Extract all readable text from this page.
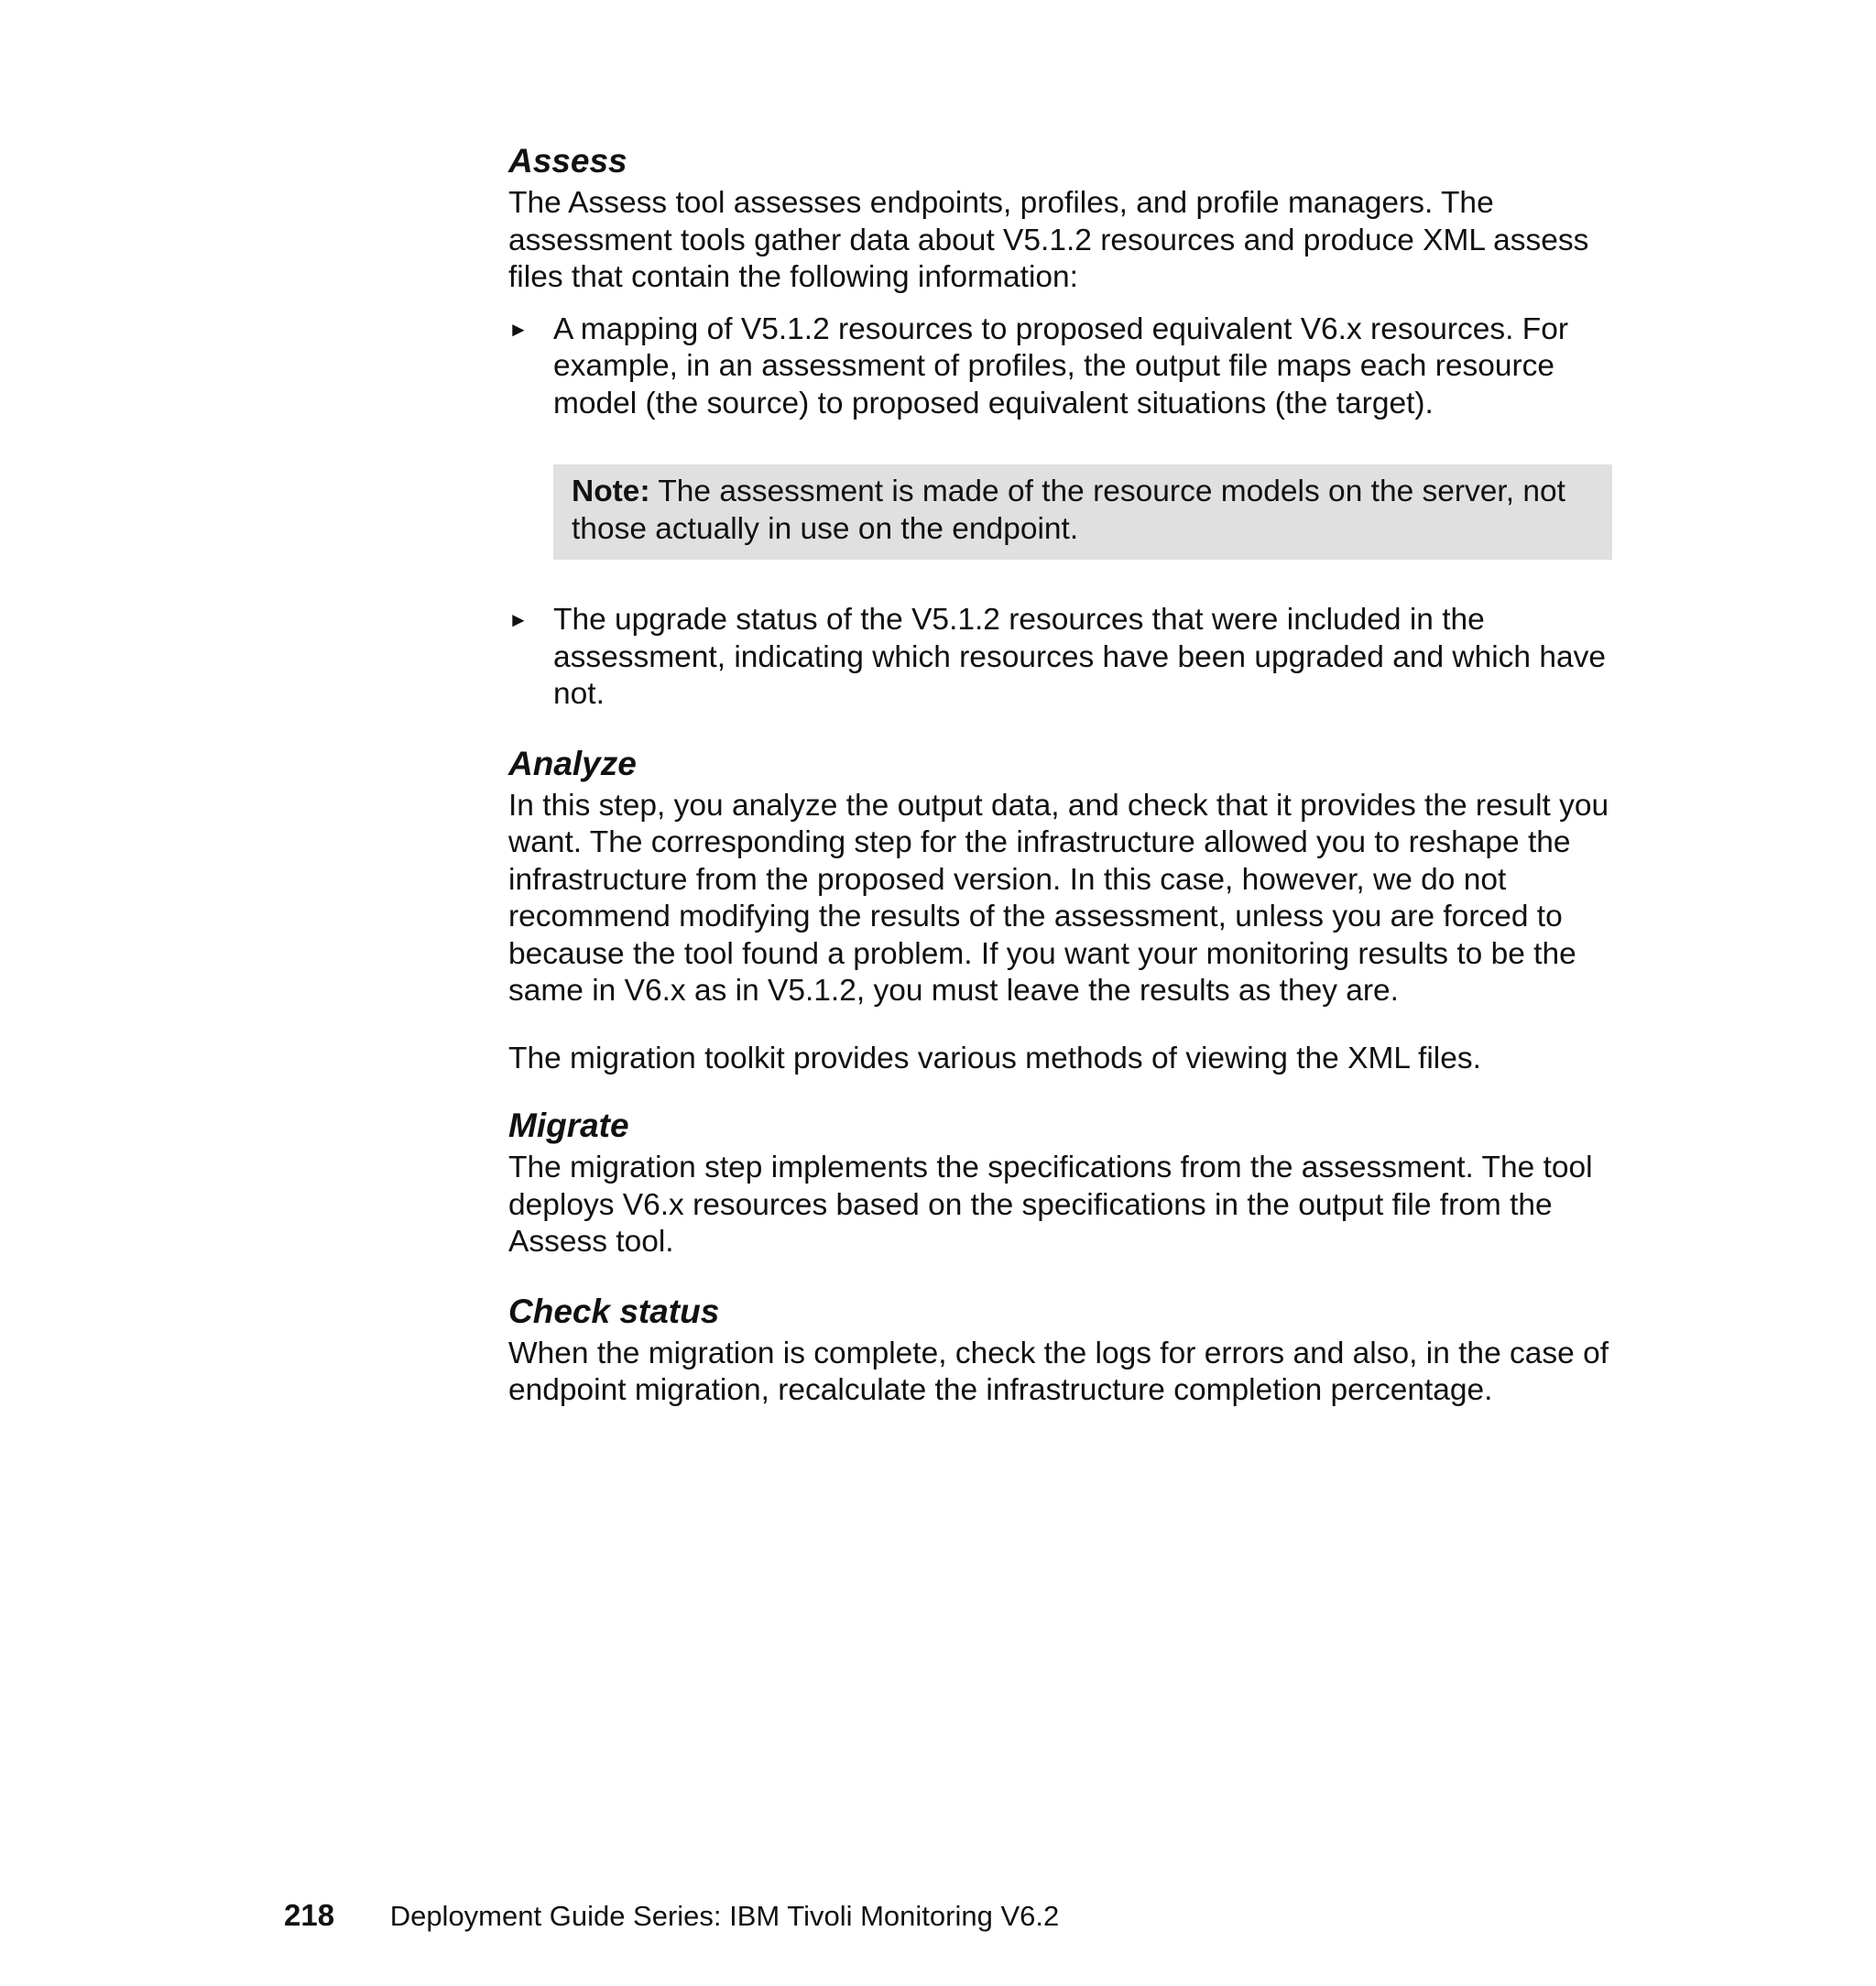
Assess

The Assess tool assesses endpoints, profiles, and profile managers. The assessment tools gather data about V5.1.2 resources and produce XML assess files that contain the following information:

► A mapping of V5.1.2 resources to proposed equivalent V6.x resources. For example, in an assessment of profiles, the output file maps each resource model (the source) to proposed equivalent situations (the target).
Note: The assessment is made of the resource models on the server, not those actually in use on the endpoint.
► The upgrade status of the V5.1.2 resources that were included in the assessment, indicating which resources have been upgraded and which have not.
Analyze

In this step, you analyze the output data, and check that it provides the result you want. The corresponding step for the infrastructure allowed you to reshape the infrastructure from the proposed version. In this case, however, we do not recommend modifying the results of the assessment, unless you are forced to because the tool found a problem. If you want your monitoring results to be the same in V6.x as in V5.1.2, you must leave the results as they are.

The migration toolkit provides various methods of viewing the XML files.

Migrate

The migration step implements the specifications from the assessment. The tool deploys V6.x resources based on the specifications in the output file from the Assess tool.

Check status

When the migration is complete, check the logs for errors and also, in the case of endpoint migration, recalculate the infrastructure completion percentage.

218 Deployment Guide Series: IBM Tivoli Monitoring V6.2
